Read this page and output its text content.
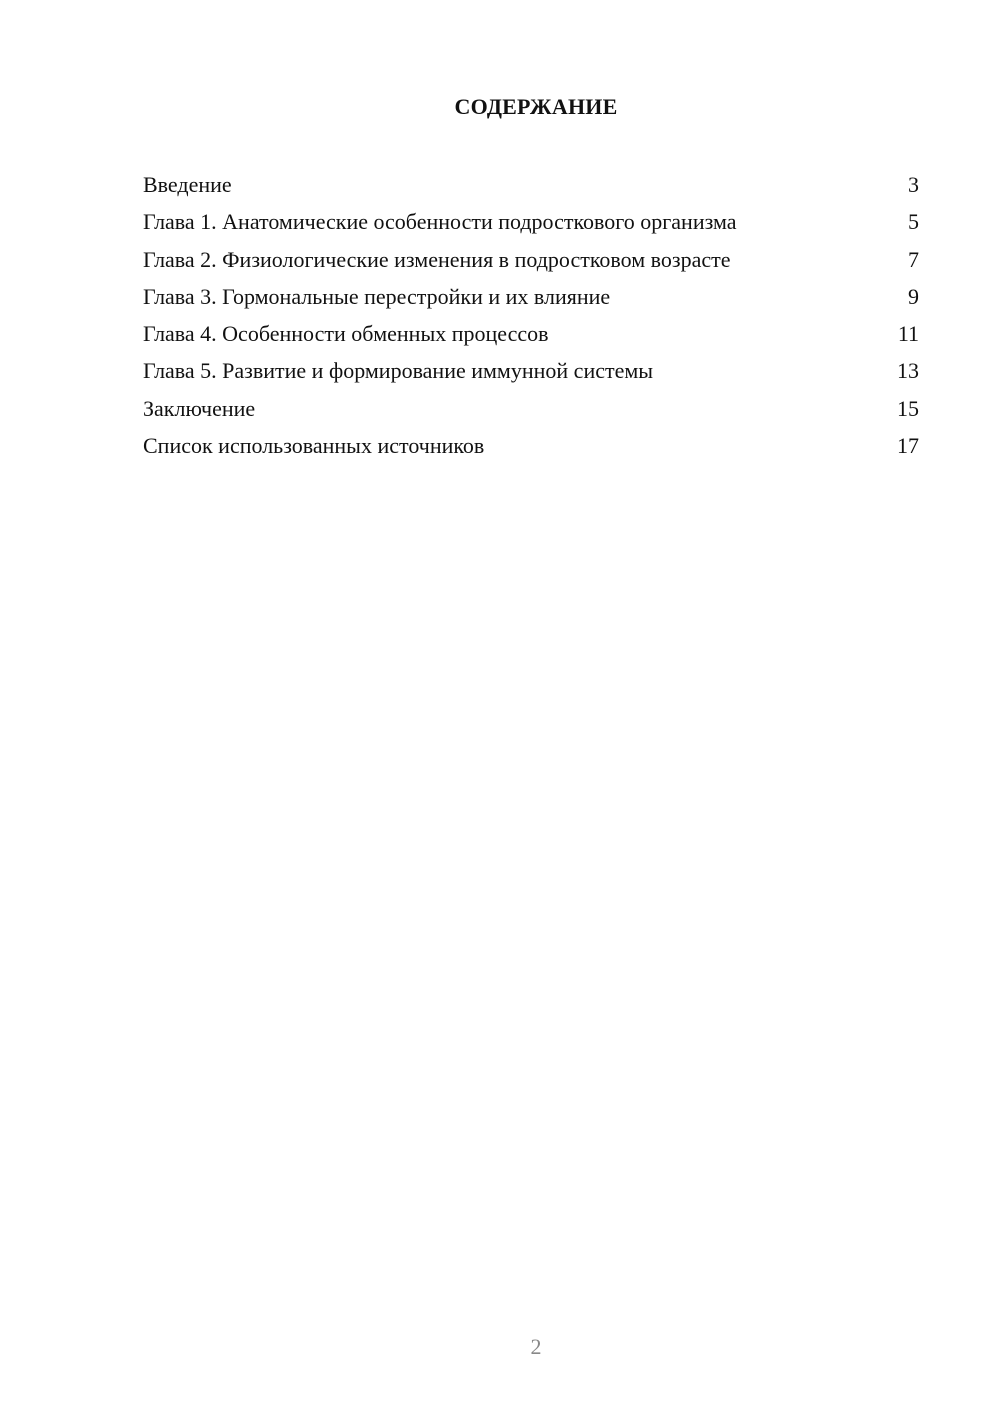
СОДЕРЖАНИЕ
Введение	3
Глава 1. Анатомические особенности подросткового организма	5
Глава 2. Физиологические изменения в подростковом возрасте	7
Глава 3. Гормональные перестройки и их влияние	9
Глава 4. Особенности обменных процессов	11
Глава 5. Развитие и формирование иммунной системы	13
Заключение	15
Список использованных источников	17
2
